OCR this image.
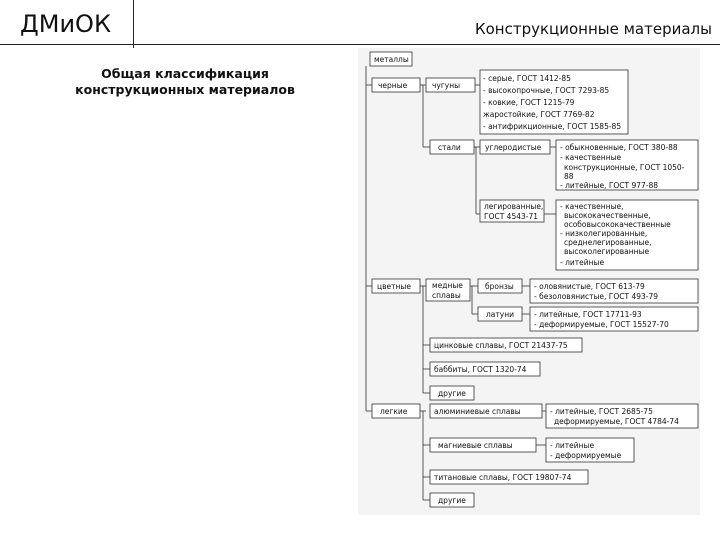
ДМиОК	Конструкционные материалы
Общая классификация
конструкционных материалов
металлы
черные	чугуны
- серые, ГОСТ 1412-85
- высокопрочные, ГОСТ 7293-85
- ковкие, ГОСТ 1215-79
жаростойкие, ГОСТ 7769-82
- антифрикционные, ГОСТ 1585-85
стали	углеродистые	- обыкновенные, ГОСТ 380-88
- качественные
конструкционные, ГОСТ 1050-
88
- литейные, ГОСТ 977-88
легированные,
ГОСТ 4543-71
- качественные,
высококачественные,
особовысококачественные
- низколегированные,
среднелегированные,
высоколегированные
- литейные
цветные	медные
сплавы
бронзы	- оловянистые, ГОСТ 613-79
- безоловянистые, ГОСТ 493-79
латуни	- литейные, ГОСТ 17711-93
- деформируемые, ГОСТ 15527-70
цинковые сплавы, ГОСТ 21437-75
баббиты, ГОСТ 1320-74
другие
легкие	алюминиевые сплавы	- литейные, ГОСТ 2685-75
деформируемые, ГОСТ 4784-74
магниевые сплавы	- литейные
- деформируемые
титановые сплавы, ГОСТ 19807-74
другие
